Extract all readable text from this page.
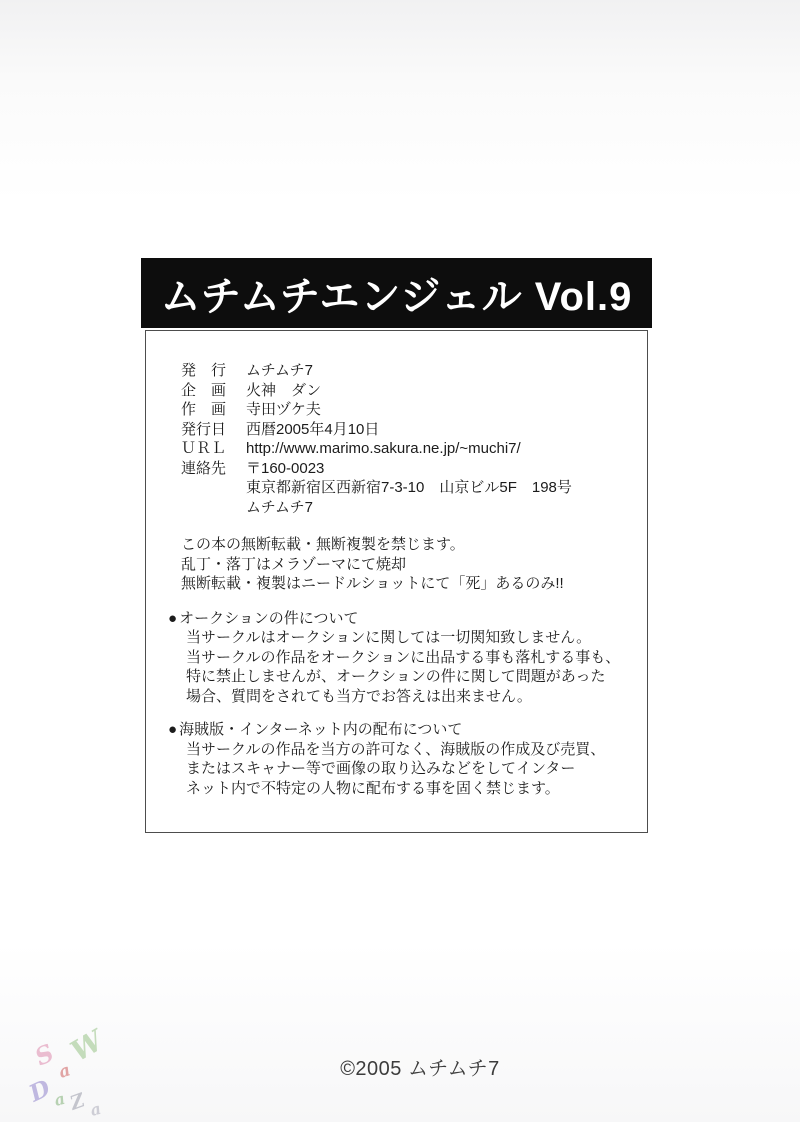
ムチムチエンジェル Vol.9
発　行	ムチムチ7
企　画	火神　ダン
作　画	寺田ヅケ夫
発行日	西暦2005年4月10日
ＵＲＬ	http://www.marimo.sakura.ne.jp/~muchi7/
連絡先	〒160-0023
東京都新宿区西新宿7-3-10　山京ビル5F　198号
ムチムチ7
この本の無断転載・無断複製を禁じます。
乱丁・落丁はメラゾーマにて焼却
無断転載・複製はニードルショットにて「死」あるのみ!!
● オークションの件について
当サークルはオークションに関しては一切関知致しません。
当サークルの作品をオークションに出品する事も落札する事も、
特に禁止しませんが、オークションの件に関して問題があった
場合、質問をされても当方でお答えは出来ません。
● 海賊版・インターネット内の配布について
当サークルの作品を当方の許可なく、海賊版の作成及び売買、
またはスキャナー等で画像の取り込みなどをしてインター
ネット内で不特定の人物に配布する事を固く禁じます。
©2005 ムチムチ7
S
a
W
D
a Z a
